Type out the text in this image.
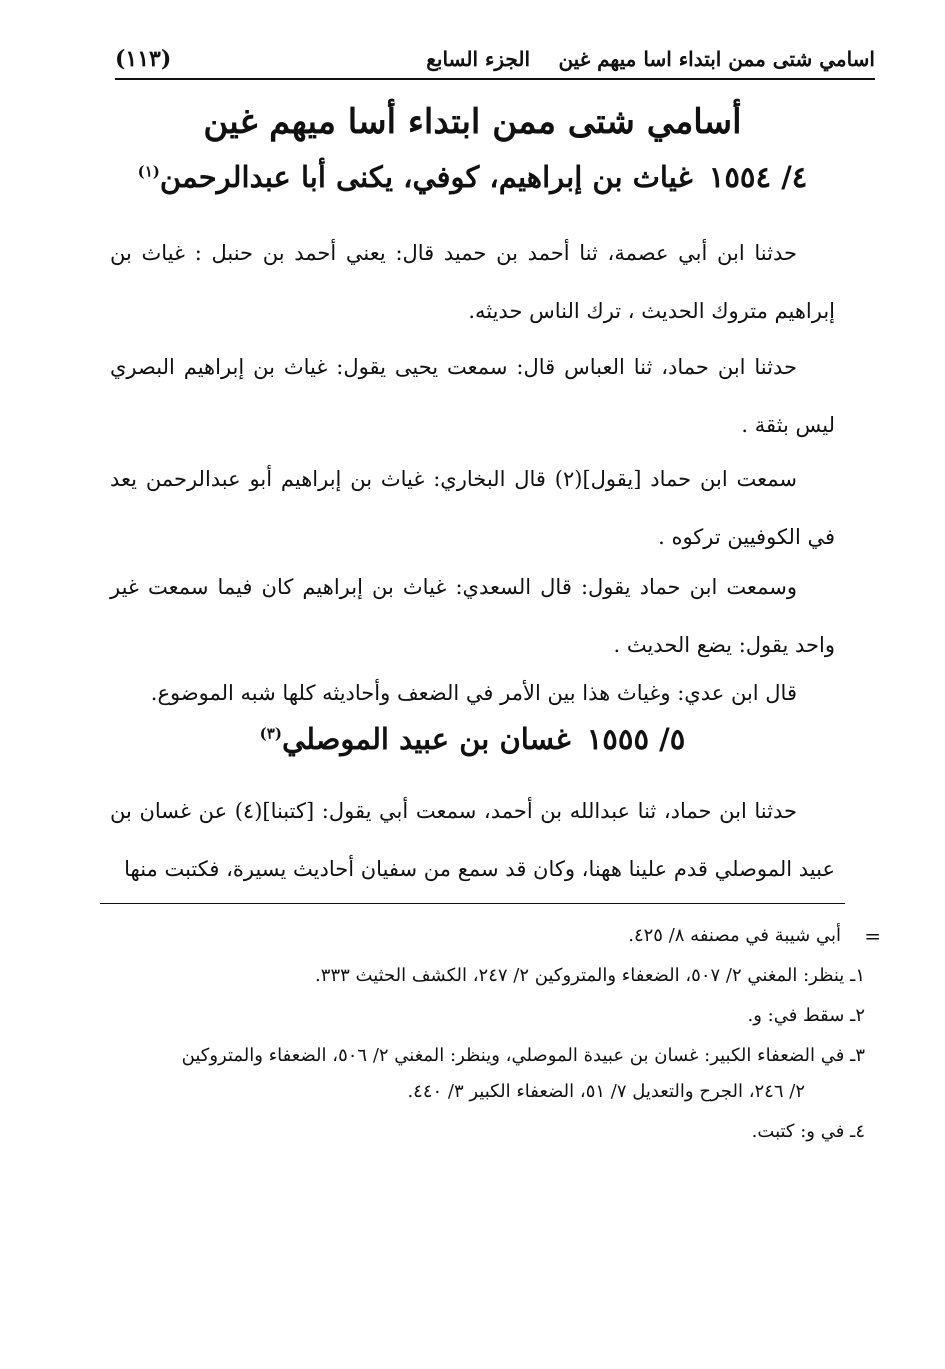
اسامي شتى ممن ابتداء اسا ميهم غين
الجزء السابع
(١١٣)
أسامي شتى ممن ابتداء أسا ميهم غين
٤/ ١٥٥٤ غياث بن إبراهيم، كوفي، يكنى أبا عبدالرحمن$^{(١)}$

حدثنا ابن أبي عصمة، ثنا أحمد بن حميد قال: يعني أحمد بن حنبل : غياث بن إبراهيم متروك الحديث ، ترك الناس حديثه.

حدثنا ابن حماد، ثنا العباس قال: سمعت يحيى يقول: غياث بن إبراهيم البصري ليس بثقة .

سمعت ابن حماد [يقول](٢) قال البخاري: غياث بن إبراهيم أبو عبدالرحمن يعد في الكوفيين تركوه .

وسمعت ابن حماد يقول: قال السعدي: غياث بن إبراهيم كان فيما سمعت غير واحد يقول: يضع الحديث .

قال ابن عدي: وغياث هذا بين الأمر في الضعف وأحاديثه كلها شبه الموضوع.

٥/ ١٥٥٥ غسان بن عبيد الموصلي$^{(٣)}$

حدثنا ابن حماد، ثنا عبدالله بن أحمد، سمعت أبي يقول: [كتبنا](٤) عن غسان بن عبيد الموصلي قدم علينا ههنا، وكان قد سمع من سفيان أحاديث يسيرة، فكتبت منها

=
أبي شيبة في مصنفه ٨/ ٤٢٥.
١ـ ينظر: المغني ٢/ ٥٠٧، الضعفاء والمتروكين ٢/ ٢٤٧، الكشف الحثيث ٣٣٣.
٢ـ سقط في: و.
٣ـ في الضعفاء الكبير: غسان بن عبيدة الموصلي، وينظر: المغني ٢/ ٥٠٦، الضعفاء والمتروكين
٢/ ٢٤٦، الجرح والتعديل ٧/ ٥١، الضعفاء الكبير ٣/ ٤٤٠.
٤ـ في و: كتبت.
